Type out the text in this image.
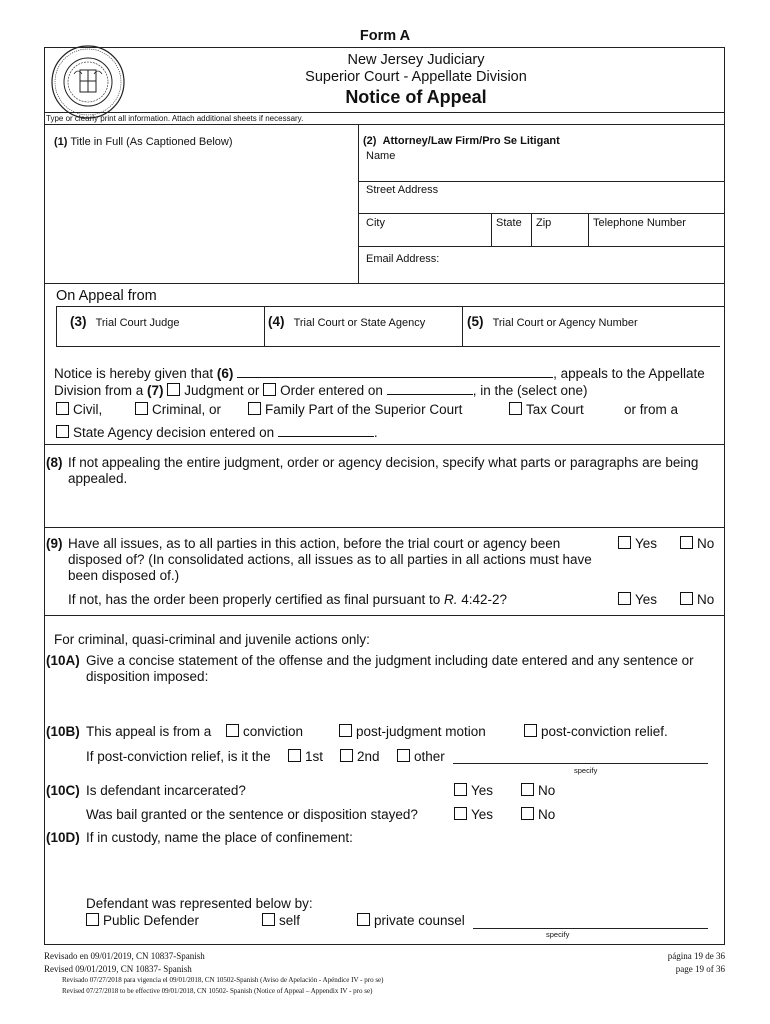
Form A
New Jersey Judiciary
Superior Court - Appellate Division
Notice of Appeal
Type or clearly print all information. Attach additional sheets if necessary.
(1) Title in Full (As Captioned Below)	(2) Attorney/Law Firm/Pro Se Litigant
Name
Street Address
City	State	Zip	Telephone Number
Email Address:
On Appeal from
(3) Trial Court Judge	(4) Trial Court or State Agency	(5) Trial Court or Agency Number
Notice is hereby given that (6)	, appeals to the Appellate
Division from a (7) Judgment or Order entered on	, in the (select one)
Civil,	Criminal, or	Family Part of the Superior Court	Tax Court	or from a
State Agency decision entered on	.
(8) If not appealing the entire judgment, order or agency decision, specify what parts or paragraphs are being
appealed.
(9) Have all issues, as to all parties in this action, before the trial court or agency been
disposed of? (In consolidated actions, all issues as to all parties in all actions must have
been disposed of.)
Yes	No
If not, has the order been properly certified as final pursuant to R. 4:42-2?	Yes	No
For criminal, quasi-criminal and juvenile actions only:
(10A) Give a concise statement of the offense and the judgment including date entered and any sentence or
disposition imposed:
(10B) This appeal is from a	conviction	post-judgment motion	post-conviction relief.
If post-conviction relief, is it the	1st	2nd	other
specify
(10C) Is defendant incarcerated?	Yes	No
Was bail granted or the sentence or disposition stayed?	Yes	No
(10D) If in custody, name the place of confinement:
Defendant was represented below by:
Public Defender	self	private counsel
specify
Revisado en 09/01/2019, CN 10837-Spanish
Revised 09/01/2019, CN 10837- Spanish
Revisado 07/27/2018 para vigencia el 09/01/2018, CN 10502-Spanish (Aviso de Apelación - Apéndice IV - pro se)
Revised 07/27/2018 to be effective 09/01/2018, CN 10502- Spanish (Notice of Appeal – Appendix IV - pro se)
página 19 de 36
page 19 of 36
